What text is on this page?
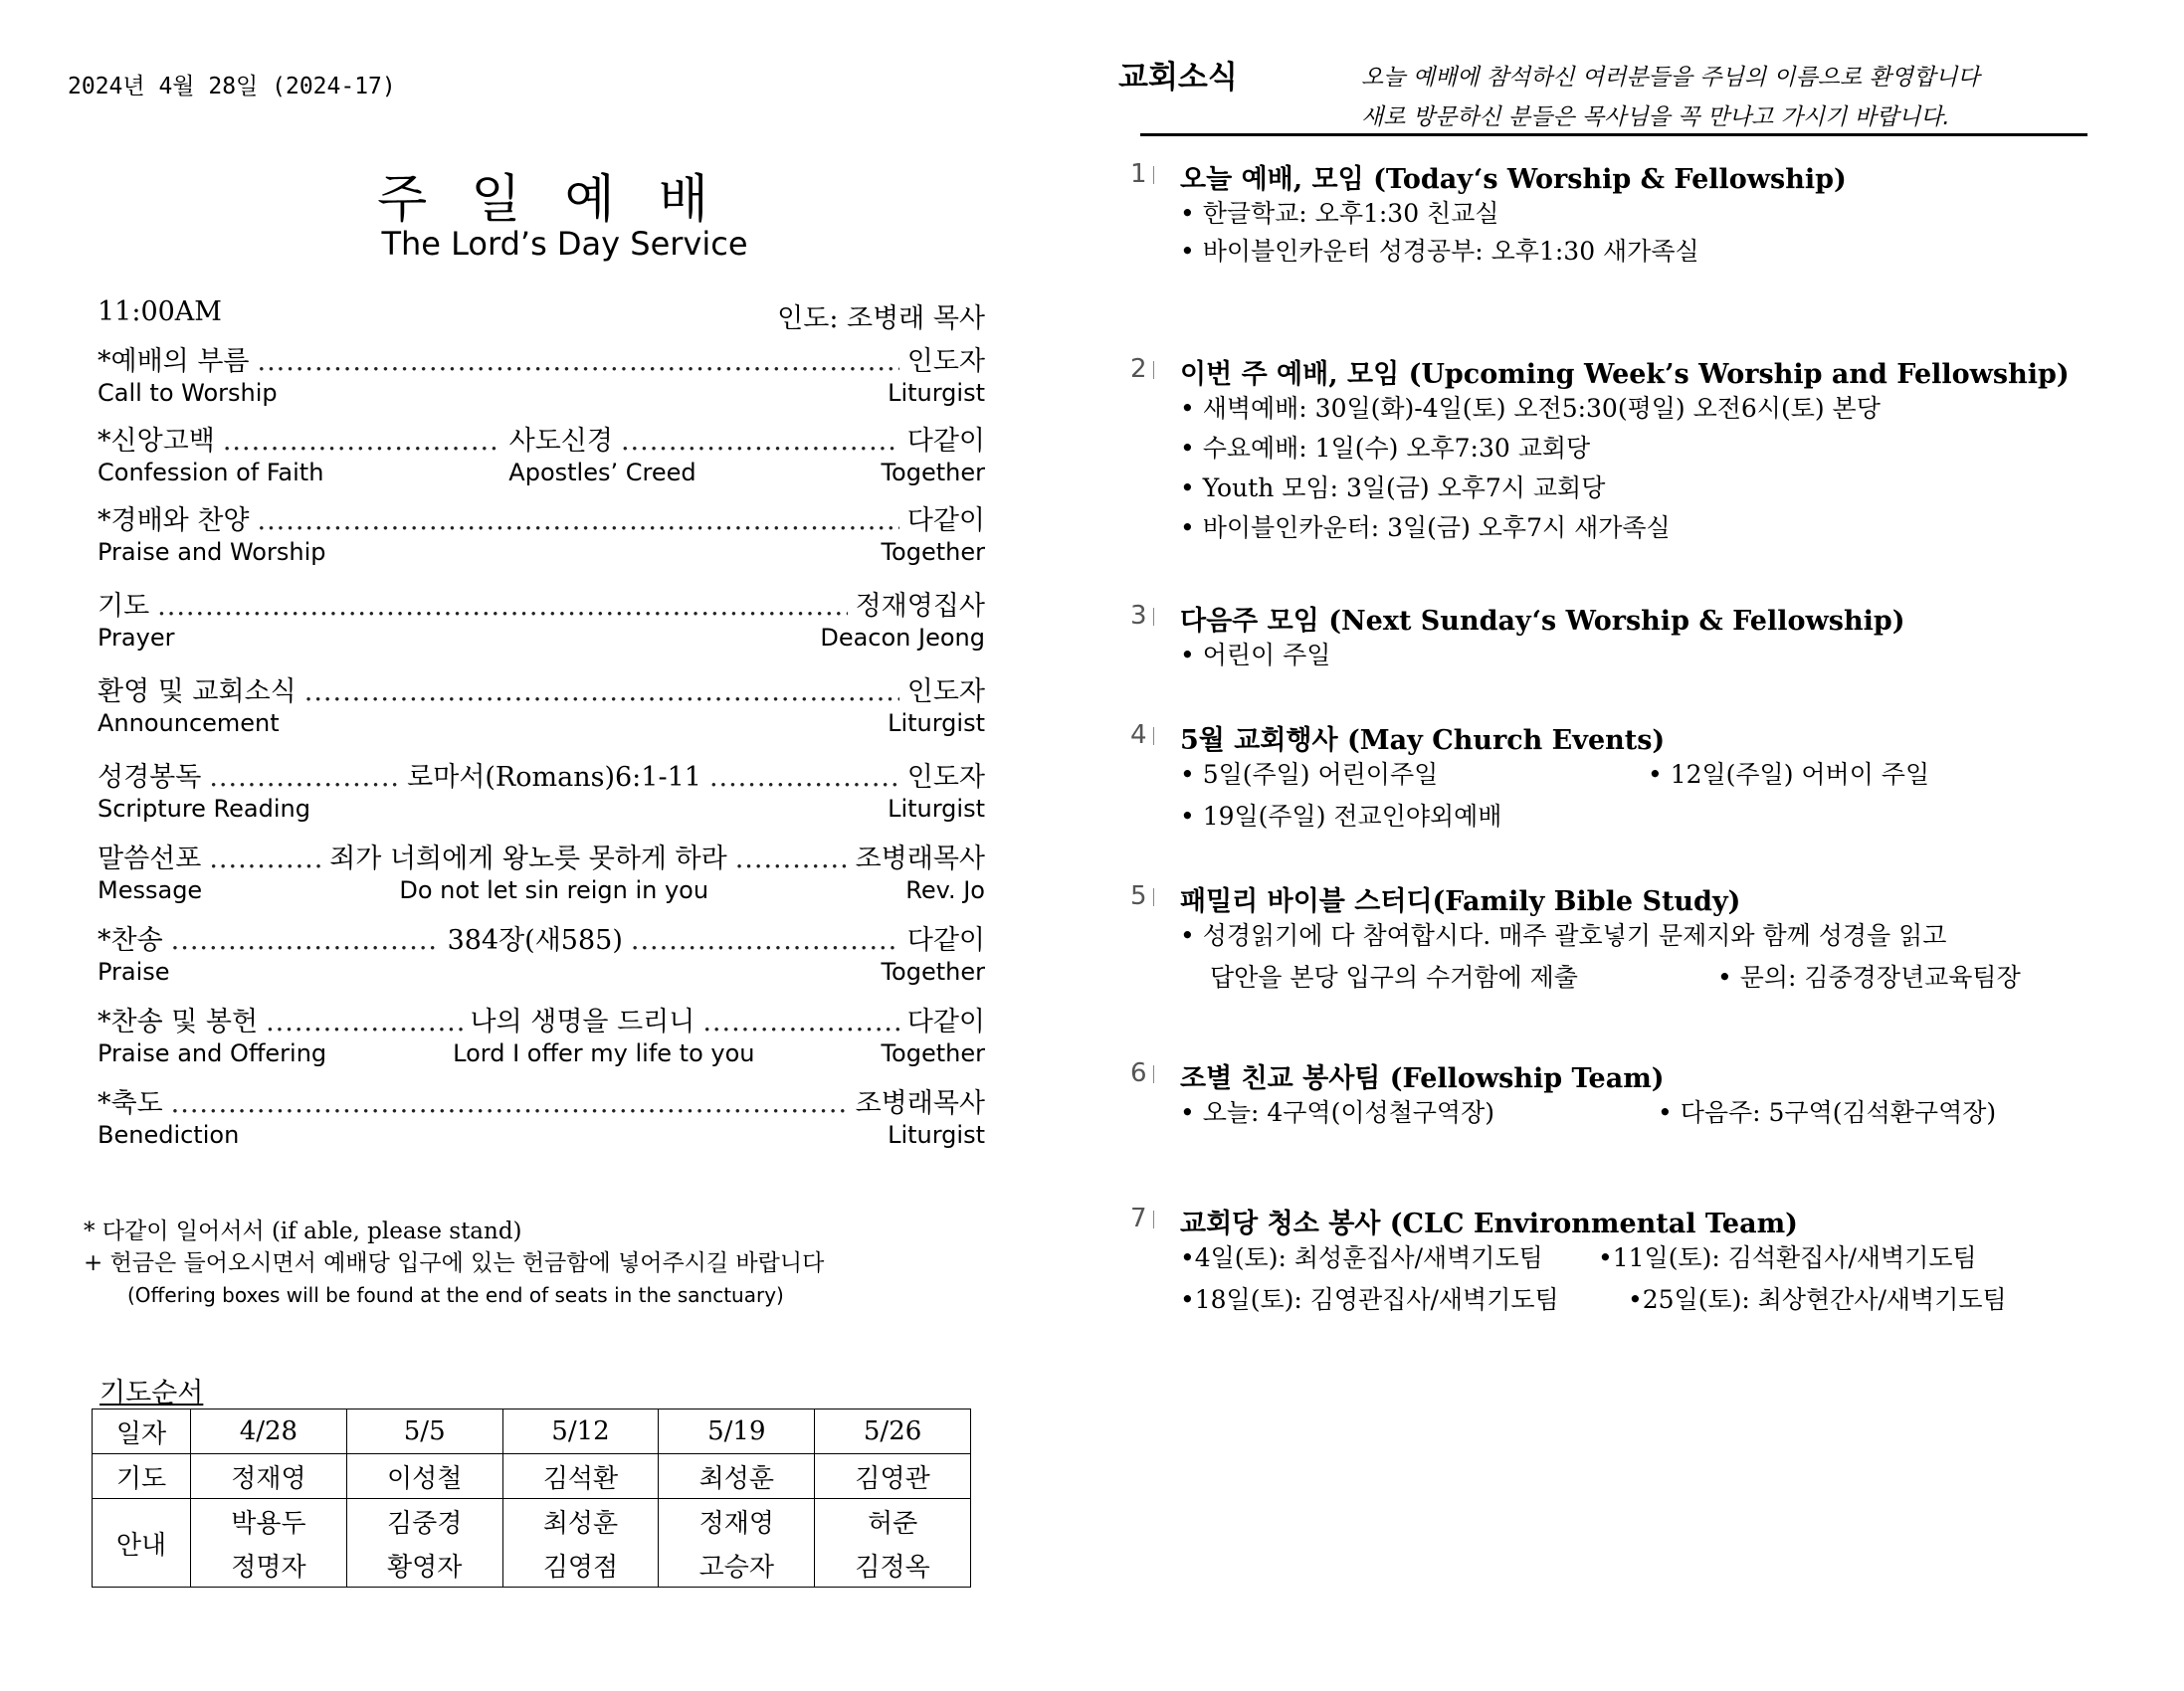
2024년 4월 28일 (2024-17)
주일예배
The Lord’s Day Service
11:00AM	인도: 조병래 목사
*예배의 부름 .....	인도자
Call to Worship	Liturgist
*신앙고백 .....	사도신경 .....	다같이
Confession of Faith	Apostles’ Creed	Together
*경배와 찬양 .....	다같이
Praise and Worship	Together
기도 .....	정재영집사
Prayer	Deacon Jeong
환영 및 교회소식 .....	인도자
Announcement	Liturgist
성경봉독 .....	로마서(Romans)6:1-11 .....	인도자
Scripture Reading	Liturgist
말씀선포 .....	죄가 너희에게 왕노릇 못하게 하라 .....	조병래목사
Message	Do not let sin reign in you	Rev. Jo
*찬송 .....	384장(새585) .....	다같이
Praise	Together
*찬송 및 봉헌 .....	나의 생명을 드리니 .....	다같이
Praise and Offering	Lord I offer my life to you	Together
*축도 .....	조병래목사
Benediction	Liturgist
* 다같이 일어서서 (if able, please stand)
+ 헌금은 들어오시면서 예배당 입구에 있는 헌금함에 넣어주시길 바랍니다
(Offering boxes will be found at the end of seats in the sanctuary)
기도순서
일자	4/28	5/5	5/12	5/19	5/26
기도	정재영	이성철	김석환	최성훈	김영관
안내	박용두	김중경	최성훈	정재영	허준
	정명자	황영자	김영점	고승자	김정옥
교회소식	오늘 예배에 참석하신 여러분들을 주님의 이름으로 환영합니다
새로 방문하신 분들은 목사님을 꼭 만나고 가시기 바랍니다.
1 오늘 예배, 모임 (Today‘s Worship & Fellowship)
• 한글학교: 오후1:30 친교실
• 바이블인카운터 성경공부: 오후1:30 새가족실
2 이번 주 예배, 모임 (Upcoming Week’s Worship and Fellowship)
• 새벽예배: 30일(화)-4일(토) 오전5:30(평일) 오전6시(토) 본당
• 수요예배: 1일(수) 오후7:30 교회당
• Youth 모임: 3일(금) 오후7시 교회당
• 바이블인카운터: 3일(금) 오후7시 새가족실
3 다음주 모임 (Next Sunday‘s Worship & Fellowship)
• 어린이 주일
4 5월 교회행사 (May Church Events)
• 5일(주일) 어린이주일	• 12일(주일) 어버이 주일
• 19일(주일) 전교인야외예배
5 패밀리 바이블 스터디(Family Bible Study)
• 성경읽기에 다 참여합시다. 매주 괄호넣기 문제지와 함께 성경을 읽고
답안을 본당 입구의 수거함에 제출	• 문의: 김중경장년교육팀장
6 조별 친교 봉사팀 (Fellowship Team)
• 오늘: 4구역(이성철구역장)	• 다음주: 5구역(김석환구역장)
7 교회당 청소 봉사 (CLC Environmental Team)
•4일(토): 최성훈집사/새벽기도팀 •11일(토): 김석환집사/새벽기도팀
•18일(토): 김영관집사/새벽기도팀	•25일(토): 최상현간사/새벽기도팀
